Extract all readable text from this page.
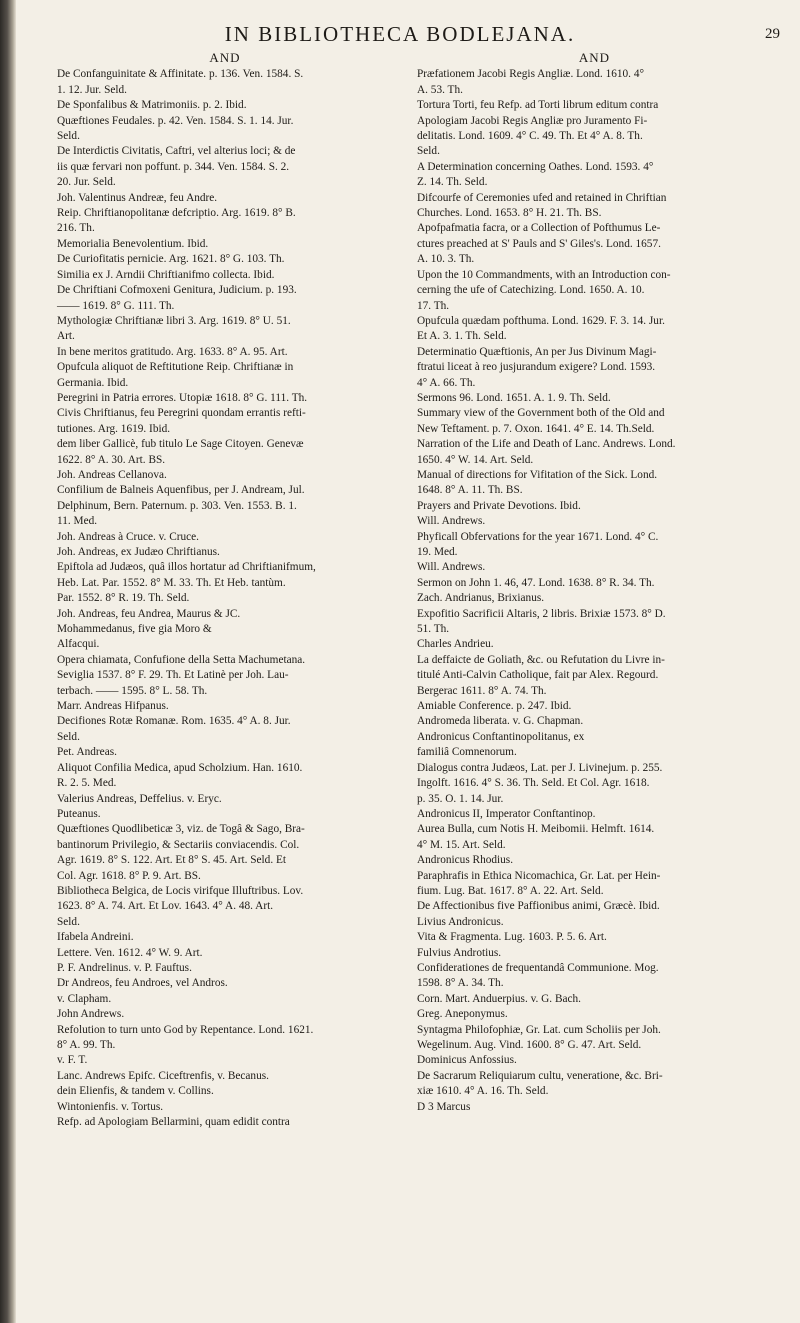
IN BIBLIOTHECA BODLEJANA.	29
AND
De Confanguinitate & Affinitate. p. 136. Ven. 1584. S.
1. 12. Jur. Seld.
De Sponfalibus & Matrimoniis. p. 2. Ibid.
Quæftiones Feudales. p. 42. Ven. 1584. S. 1. 14. Jur.
Seld.
De Interdictis Civitatis, Caftri, vel alterius loci; & de
iis quæ fervari non poffunt. p. 344. Ven. 1584. S. 2.
20. Jur. Seld.
Joh. Valentinus Andreæ, feu Andre.
Reip. Chriftianopolitanæ defcriptio. Arg. 1619. 8° B.
216. Th.
Memorialia Benevolentium. Ibid.
De Curiofitatis pernicie. Arg. 1621. 8° G. 103. Th.
Similia ex J. Arndii Chriftianifmo collecta. Ibid.
De Chriftiani Cofmoxeni Genitura, Judicium. p. 193.
—— 1619. 8° G. 111. Th.
Mythologiæ Chriftianæ libri 3. Arg. 1619. 8° U. 51.
Art.
In bene meritos gratitudo. Arg. 1633. 8° A. 95. Art.
Opufcula aliquot de Reftitutione Reip. Chriftianæ in
Germania. Ibid.
Peregrini in Patria errores. Utopiæ 1618. 8° G. 111. Th.
Civis Chriftianus, feu Peregrini quondam errantis refti-
tutiones. Arg. 1619. Ibid.
dem liber Gallicè, fub titulo Le Sage Citoyen. Genevæ
1622. 8° A. 30. Art. BS.
Joh. Andreas Cellanova.
Confilium de Balneis Aquenfibus, per J. Andream, Jul.
Delphinum, Bern. Paternum. p. 303. Ven. 1553. B. 1.
11. Med.
Joh. Andreas à Cruce. v. Cruce.
Joh. Andreas, ex Judæo Chriftianus.
Epiftola ad Judæos, quâ illos hortatur ad Chriftianifmum,
Heb. Lat. Par. 1552. 8° M. 33. Th. Et Heb. tantùm.
Par. 1552. 8° R. 19. Th. Seld.
Joh. Andreas, feu Andrea, Maurus & JC.
Mohammedanus, five gia Moro &
Alfacqui.
Opera chiamata, Confufione della Setta Machumetana.
Seviglia 1537. 8° F. 29. Th. Et Latinè per Joh. Lau-
terbach. —— 1595. 8° L. 58. Th.
Marr. Andreas Hifpanus.
Decifiones Rotæ Romanæ. Rom. 1635. 4° A. 8. Jur.
Seld.
Pet. Andreas.
Aliquot Confilia Medica, apud Scholzium. Han. 1610.
R. 2. 5. Med.
Valerius Andreas, Deffelius. v. Eryc.
Puteanus.
Quæftiones Quodlibeticæ 3, viz. de Togâ & Sago, Bra-
bantinorum Privilegio, & Sectariis conviacendis. Col.
Agr. 1619. 8° S. 122. Art. Et 8° S. 45. Art. Seld. Et
Col. Agr. 1618. 8° P. 9. Art. BS.
Bibliotheca Belgica, de Locis virifque Illuftribus. Lov.
1623. 8° A. 74. Art. Et Lov. 1643. 4° A. 48. Art.
Seld.
Ifabela Andreini.
Lettere. Ven. 1612. 4° W. 9. Art.
P. F. Andrelinus. v. P. Fauftus.
Dr Andreos, feu Androes, vel Andros.
v. Clapham.
John Andrews.
Refolution to turn unto God by Repentance. Lond. 1621.
8° A. 99. Th.
v. F. T.
Lanc. Andrews Epifc. Ciceftrenfis, v. Becanus.
dein Elienfis, & tandem v. Collins.
Wintonienfis. v. Tortus.
Refp. ad Apologiam Bellarmini, quam edidit contra
AND
Præfationem Jacobi Regis Angliæ. Lond. 1610. 4°
A. 53. Th.
Tortura Torti, feu Refp. ad Torti librum editum contra
Apologiam Jacobi Regis Angliæ pro Juramento Fi-
delitatis. Lond. 1609. 4° C. 49. Th. Et 4° A. 8. Th.
Seld.
A Determination concerning Oathes. Lond. 1593. 4°
Z. 14. Th. Seld.
Difcourfe of Ceremonies ufed and retained in Chriftian
Churches. Lond. 1653. 8° H. 21. Th. BS.
Apofpafmatia facra, or a Collection of Pofthumus Le-
ctures preached at S' Pauls and S' Giles's. Lond. 1657.
A. 10. 3. Th.
Upon the 10 Commandments, with an Introduction con-
cerning the ufe of Catechizing. Lond. 1650. A. 10.
17. Th.
Opufcula quædam pofthuma. Lond. 1629. F. 3. 14. Jur.
Et A. 3. 1. Th. Seld.
Determinatio Quæftionis, An per Jus Divinum Magi-
ftratui liceat à reo jusjurandum exigere? Lond. 1593.
4° A. 66. Th.
Sermons 96. Lond. 1651. A. 1. 9. Th. Seld.
Summary view of the Government both of the Old and
New Teftament. p. 7. Oxon. 1641. 4° E. 14. Th.Seld.
Narration of the Life and Death of Lanc. Andrews. Lond.
1650. 4° W. 14. Art. Seld.
Manual of directions for Vifitation of the Sick. Lond.
1648. 8° A. 11. Th. BS.
Prayers and Private Devotions. Ibid.
Will. Andrews.
Phyficall Obfervations for the year 1671. Lond. 4° C.
19. Med.
Will. Andrews.
Sermon on John 1. 46, 47. Lond. 1638. 8° R. 34. Th.
Zach. Andrianus, Brixianus.
Expofitio Sacrificii Altaris, 2 libris. Brixiæ 1573. 8° D.
51. Th.
Charles Andrieu.
La deffaicte de Goliath, &c. ou Refutation du Livre in-
titulé Anti-Calvin Catholique, fait par Alex. Regourd.
Bergerac 1611. 8° A. 74. Th.
Amiable Conference. p. 247. Ibid.
Andromeda liberata. v. G. Chapman.
Andronicus Conftantinopolitanus, ex
familiâ Comnenorum.
Dialogus contra Judæos, Lat. per J. Livinejum. p. 255.
Ingolft. 1616. 4° S. 36. Th. Seld. Et Col. Agr. 1618.
p. 35. O. 1. 14. Jur.
Andronicus II, Imperator Conftantinop.
Aurea Bulla, cum Notis H. Meibomii. Helmft. 1614.
4° M. 15. Art. Seld.
Andronicus Rhodius.
Paraphrafis in Ethica Nicomachica, Gr. Lat. per Hein-
fium. Lug. Bat. 1617. 8° A. 22. Art. Seld.
De Affectionibus five Paffionibus animi, Græcè. Ibid.
Livius Andronicus.
Vita & Fragmenta. Lug. 1603. P. 5. 6. Art.
Fulvius Androtius.
Confiderationes de frequentandâ Communione. Mog.
1598. 8° A. 34. Th.
Corn. Mart. Anduerpius. v. G. Bach.
Greg. Aneponymus.
Syntagma Philofophiæ, Gr. Lat. cum Scholiis per Joh.
Wegelinum. Aug. Vind. 1600. 8° G. 47. Art. Seld.
Dominicus Anfossius.
De Sacrarum Reliquiarum cultu, veneratione, &c. Bri-
xiæ 1610. 4° A. 16. Th. Seld.
D 3 Marcus
